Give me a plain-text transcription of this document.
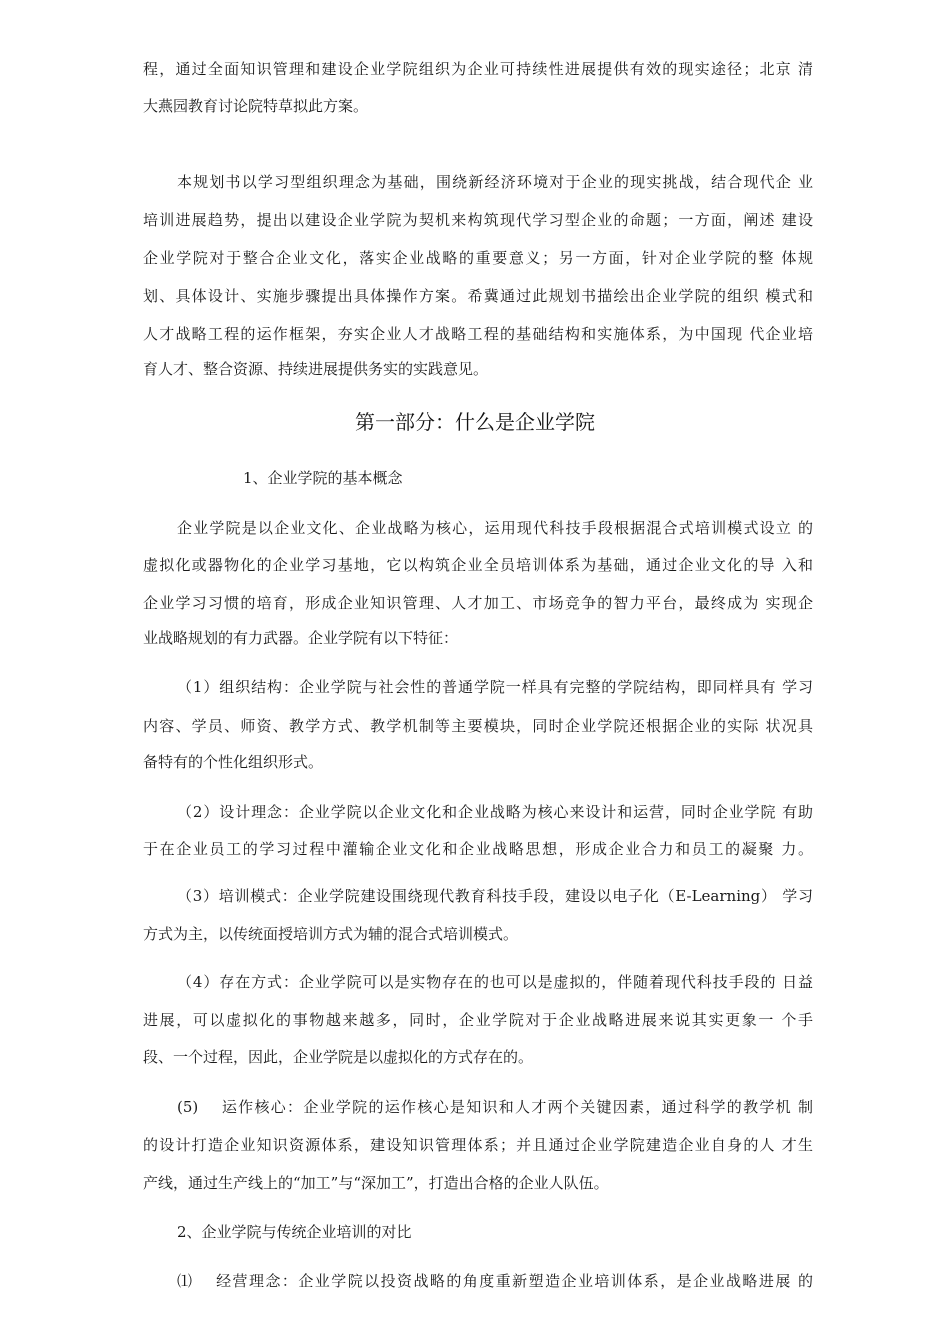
程，通过全面知识管理和建设企业学院组织为企业可持续性进展提供有效的现实途径；北京 清
大燕园教育讨论院特草拟此方案。
本规划书以学习型组织理念为基础，围绕新经济环境对于企业的现实挑战，结合现代企 业
培训进展趋势，提出以建设企业学院为契机来构筑现代学习型企业的命题；一方面，阐述 建设
企业学院对于整合企业文化，落实企业战略的重要意义；另一方面，针对企业学院的整 体规
划、具体设计、实施步骤提出具体操作方案。希冀通过此规划书描绘出企业学院的组织 模式和
人才战略工程的运作框架，夯实企业人才战略工程的基础结构和实施体系，为中国现 代企业培
育人才、整合资源、持续进展提供务实的实践意见。
第一部分：什么是企业学院
1、企业学院的基本概念
企业学院是以企业文化、企业战略为核心，运用现代科技手段根据混合式培训模式设立 的
虚拟化或器物化的企业学习基地，它以构筑企业全员培训体系为基础，通过企业文化的导 入和
企业学习习惯的培育，形成企业知识管理、人才加工、市场竞争的智力平台，最终成为 实现企
业战略规划的有力武器。企业学院有以下特征：
（1）组织结构：企业学院与社会性的普通学院一样具有完整的学院结构，即同样具有 学习
内容、学员、师资、教学方式、教学机制等主要模块，同时企业学院还根据企业的实际 状况具
备特有的个性化组织形式。
（2）设计理念：企业学院以企业文化和企业战略为核心来设计和运营，同时企业学院 有助
于在企业员工的学习过程中灌输企业文化和企业战略思想，形成企业合力和员工的凝聚 力。
（3）培训模式：企业学院建设围绕现代教育科技手段，建设以电子化（E-Learning） 学习
方式为主，以传统面授培训方式为辅的混合式培训模式。
（4）存在方式：企业学院可以是实物存在的也可以是虚拟的，伴随着现代科技手段的 日益
进展，可以虚拟化的事物越来越多，同时，企业学院对于企业战略进展来说其实更象一 个手
段、一个过程，因此，企业学院是以虚拟化的方式存在的。
(5)　 运作核心：企业学院的运作核心是知识和人才两个关键因素，通过科学的教学机 制
的设计打造企业知识资源体系，建设知识管理体系；并且通过企业学院建造企业自身的人 才生
产线，通过生产线上的“加工”与“深加工”，打造出合格的企业人队伍。
2、企业学院与传统企业培训的对比
⑴　 经营理念：企业学院以投资战略的角度重新塑造企业培训体系，是企业战略进展 的
